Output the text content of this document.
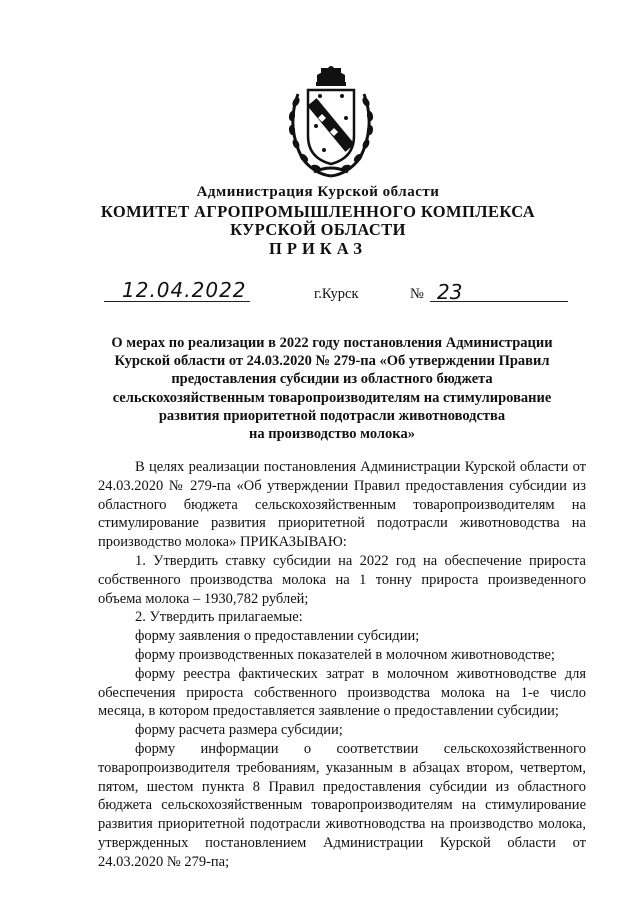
Администрация Курской области
КОМИТЕТ АГРОПРОМЫШЛЕННОГО КОМПЛЕКСА
КУРСКОЙ ОБЛАСТИ
ПРИКАЗ
12.04.2022	г.Курск	№ 23
О мерах по реализации в 2022 году постановления Администрации
Курской области от 24.03.2020 № 279-па «Об утверждении Правил
предоставления субсидии из областного бюджета
сельскохозяйственным товаропроизводителям на стимулирование
развития приоритетной подотрасли животноводства
на производство молока»
В целях реализации постановления Администрации Курской области от 24.03.2020 № 279-па «Об утверждении Правил предоставления субсидии из областного бюджета сельскохозяйственным товаропроизводителям на стимулирование развития приоритетной подотрасли животноводства на производство молока» ПРИКАЗЫВАЮ:
1. Утвердить ставку субсидии на 2022 год на обеспечение прироста собственного производства молока на 1 тонну прироста произведенного объема молока – 1930,782 рублей;
2. Утвердить прилагаемые:
форму заявления о предоставлении субсидии;
форму производственных показателей в молочном животноводстве;
форму реестра фактических затрат в молочном животноводстве для обеспечения прироста собственного производства молока на 1-е число месяца, в котором предоставляется заявление о предоставлении субсидии;
форму расчета размера субсидии;
форму информации о соответствии сельскохозяйственного товаропроизводителя требованиям, указанным в абзацах втором, четвертом, пятом, шестом пункта 8 Правил предоставления субсидии из областного бюджета сельскохозяйственным товаропроизводителям на стимулирование развития приоритетной подотрасли животноводства на производство молока, утвержденных постановлением Администрации Курской области от 24.03.2020 № 279-па;
